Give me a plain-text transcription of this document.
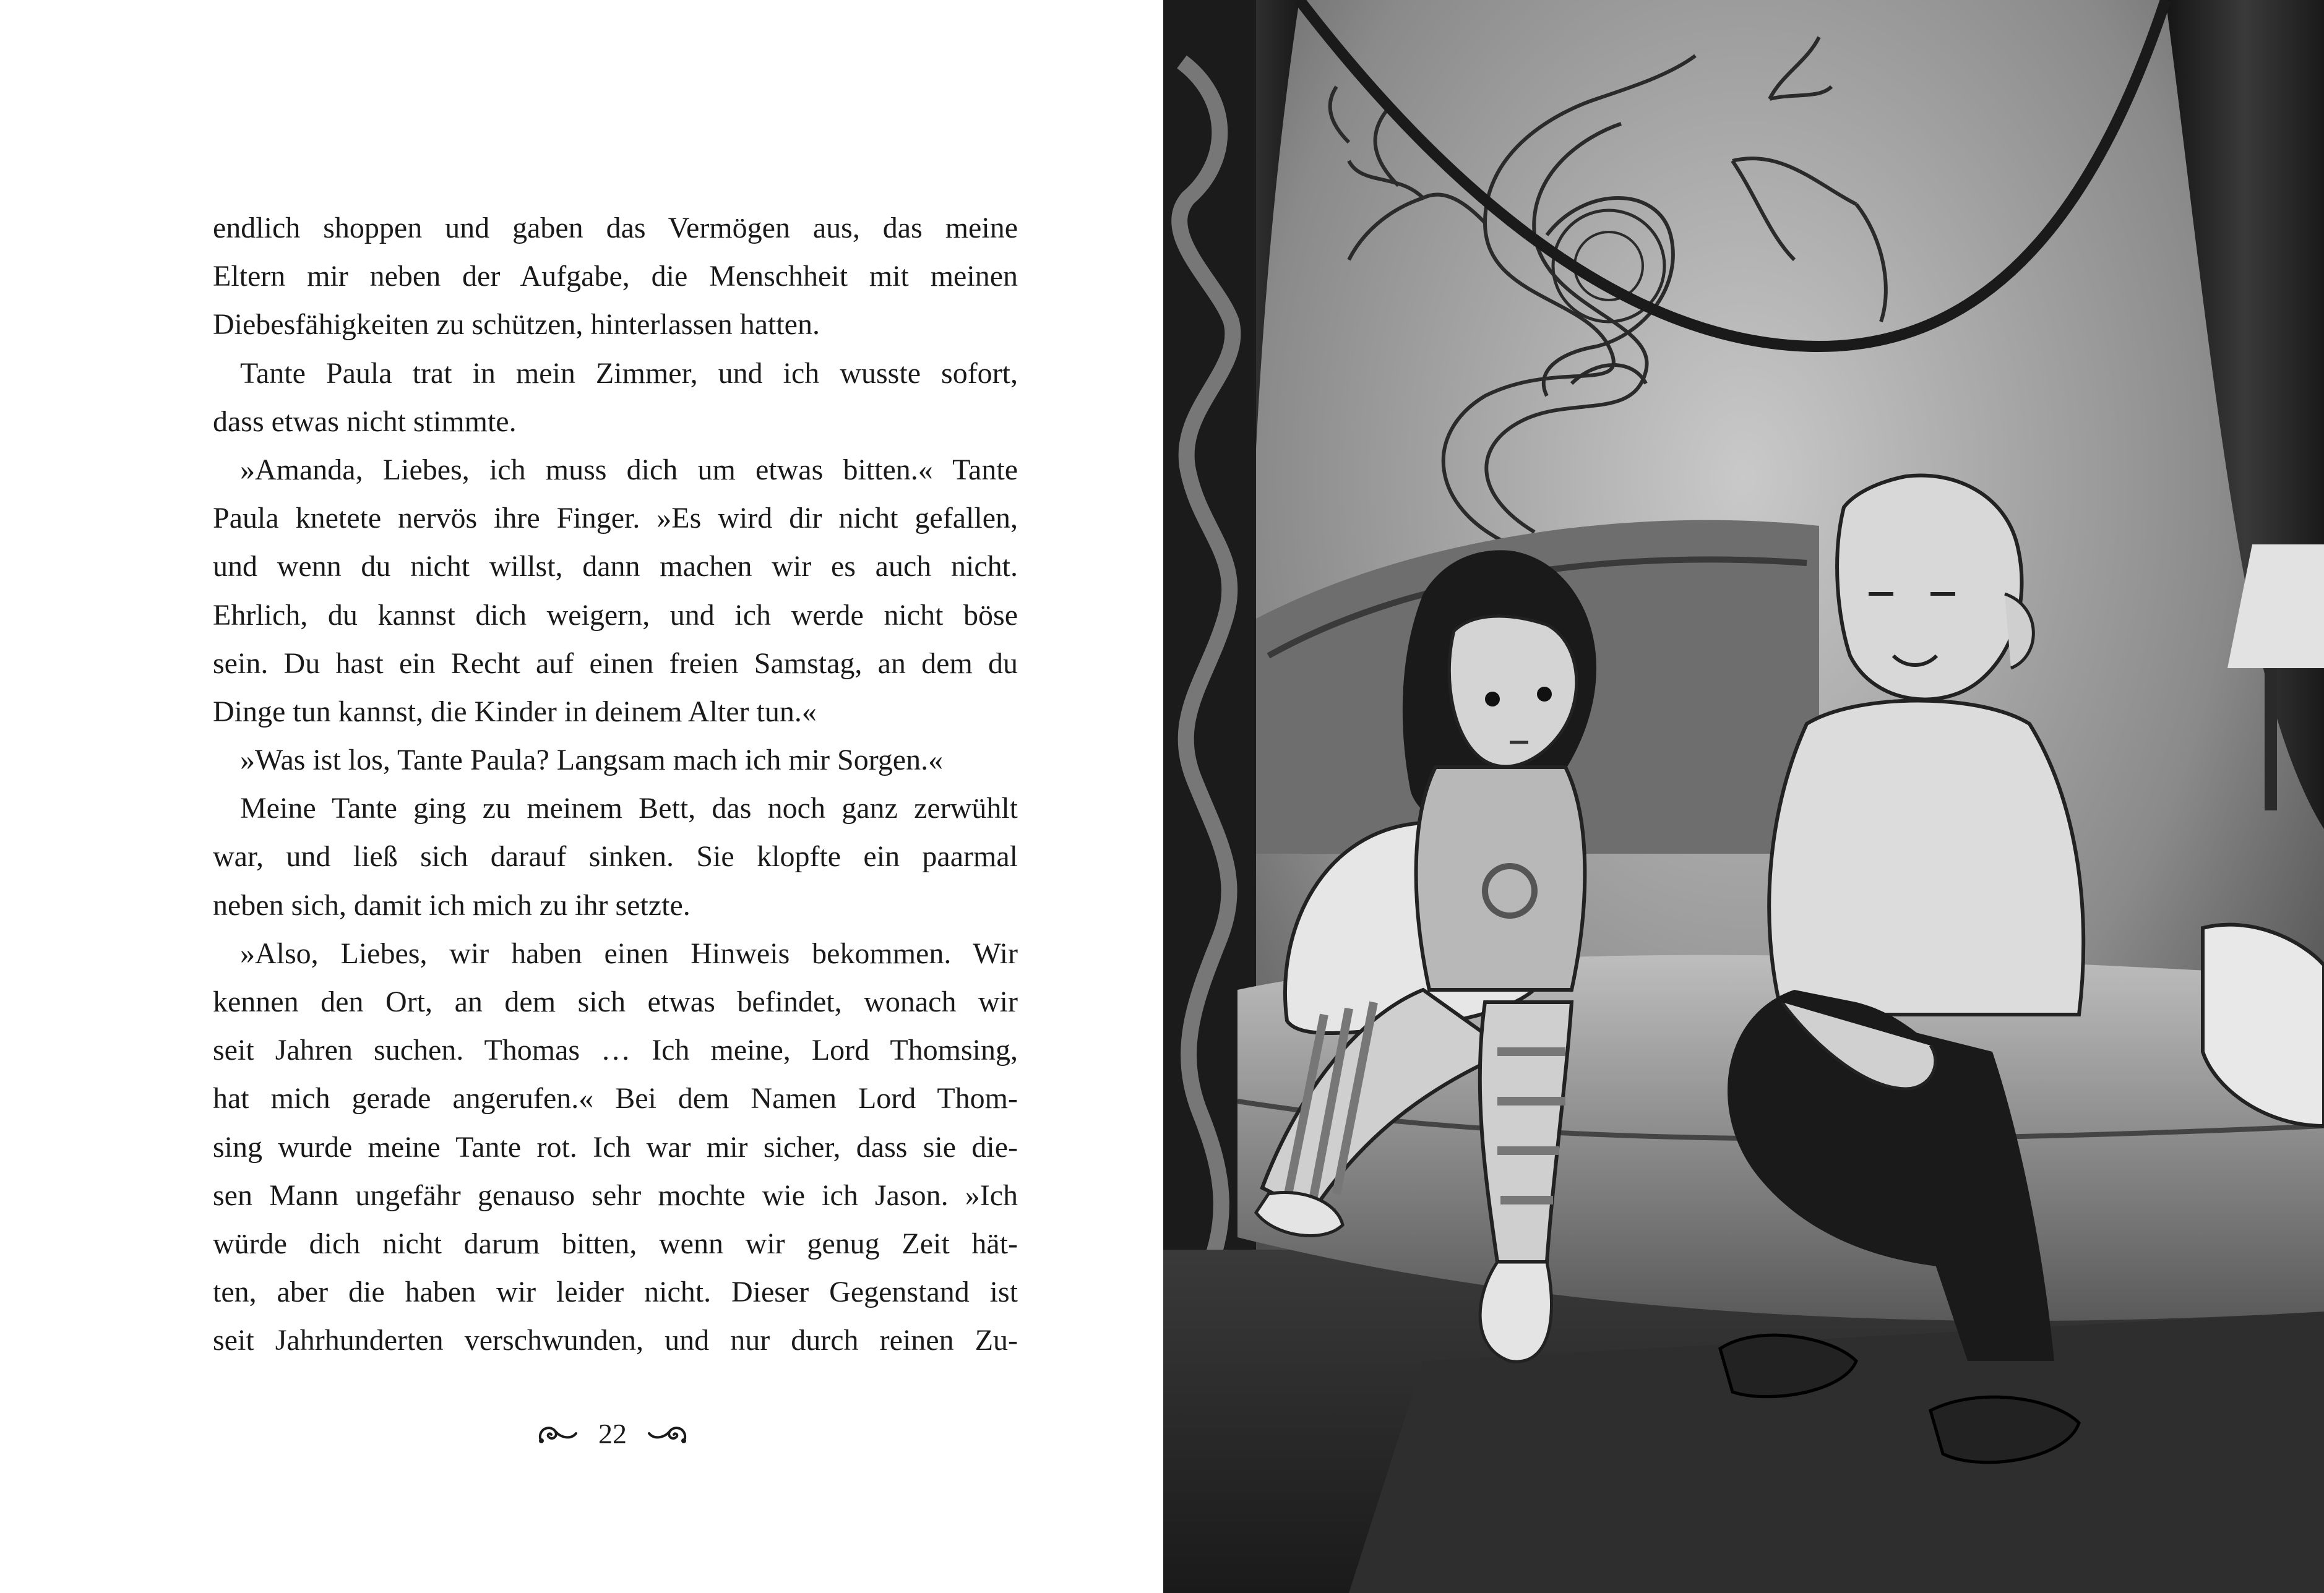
endlich shoppen und gaben das Vermögen aus, das meine
Eltern mir neben der Aufgabe, die Menschheit mit meinen
Diebesfähigkeiten zu schützen, hinterlassen hatten.
Tante Paula trat in mein Zimmer, und ich wusste sofort,
dass etwas nicht stimmte.
»Amanda, Liebes, ich muss dich um etwas bitten.« Tante
Paula knetete nervös ihre Finger. »Es wird dir nicht gefallen,
und wenn du nicht willst, dann machen wir es auch nicht.
Ehrlich, du kannst dich weigern, und ich werde nicht böse
sein. Du hast ein Recht auf einen freien Samstag, an dem du
Dinge tun kannst, die Kinder in deinem Alter tun.«
»Was ist los, Tante Paula? Langsam mach ich mir Sorgen.«
Meine Tante ging zu meinem Bett, das noch ganz zerwühlt
war, und ließ sich darauf sinken. Sie klopfte ein paarmal
neben sich, damit ich mich zu ihr setzte.
»Also, Liebes, wir haben einen Hinweis bekommen. Wir
kennen den Ort, an dem sich etwas befindet, wonach wir
seit Jahren suchen. Thomas … Ich meine, Lord Thomsing,
hat mich gerade angerufen.« Bei dem Namen Lord Thom-
sing wurde meine Tante rot. Ich war mir sicher, dass sie die-
sen Mann ungefähr genauso sehr mochte wie ich Jason. »Ich
würde dich nicht darum bitten, wenn wir genug Zeit hät-
ten, aber die haben wir leider nicht. Dieser Gegenstand ist
seit Jahrhunderten verschwunden, und nur durch reinen Zu-
22
